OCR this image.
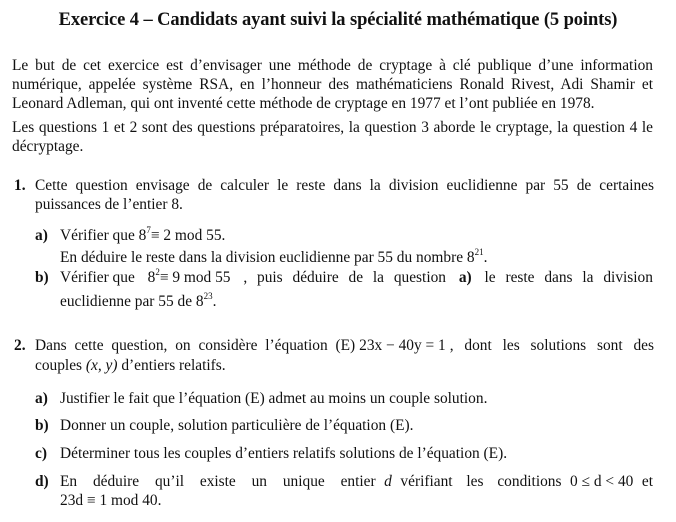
Exercice 4 – Candidats ayant suivi la spécialité mathématique (5 points)
Le but de cet exercice est d’envisager une méthode de cryptage à clé publique d’une information numérique, appelée système RSA, en l’honneur des mathématiciens Ronald Rivest, Adi Shamir et Leonard Adleman, qui ont inventé cette méthode de cryptage en 1977 et l’ont publiée en 1978.
Les questions 1 et 2 sont des questions préparatoires, la question 3 aborde le cryptage, la question 4 le décryptage.
1. Cette question envisage de calculer le reste dans la division euclidienne par 55 de certaines puissances de l’entier 8.
a) Vérifier que $8^7\equiv 2$ mod 55.
En déduire le reste dans la division euclidienne par 55 du nombre $8^{21}$.
b) Vérifier que $8^2\equiv 9$ mod 55 , puis déduire de la question a) le reste dans la division
euclidienne par 55 de $8^{23}$.
2. Dans cette question, on considère l’équation (E) 23x − 40y = 1 , dont les solutions sont des
couples (x, y) d’entiers relatifs.
a) Justifier le fait que l’équation (E) admet au moins un couple solution.
b) Donner un couple, solution particulière de l’équation (E).
c) Déterminer tous les couples d’entiers relatifs solutions de l’équation (E).
d) En déduire qu’il existe un unique entier d vérifiant les conditions 0 ≤ d < 40 et
23d ≡ 1 mod 40.
